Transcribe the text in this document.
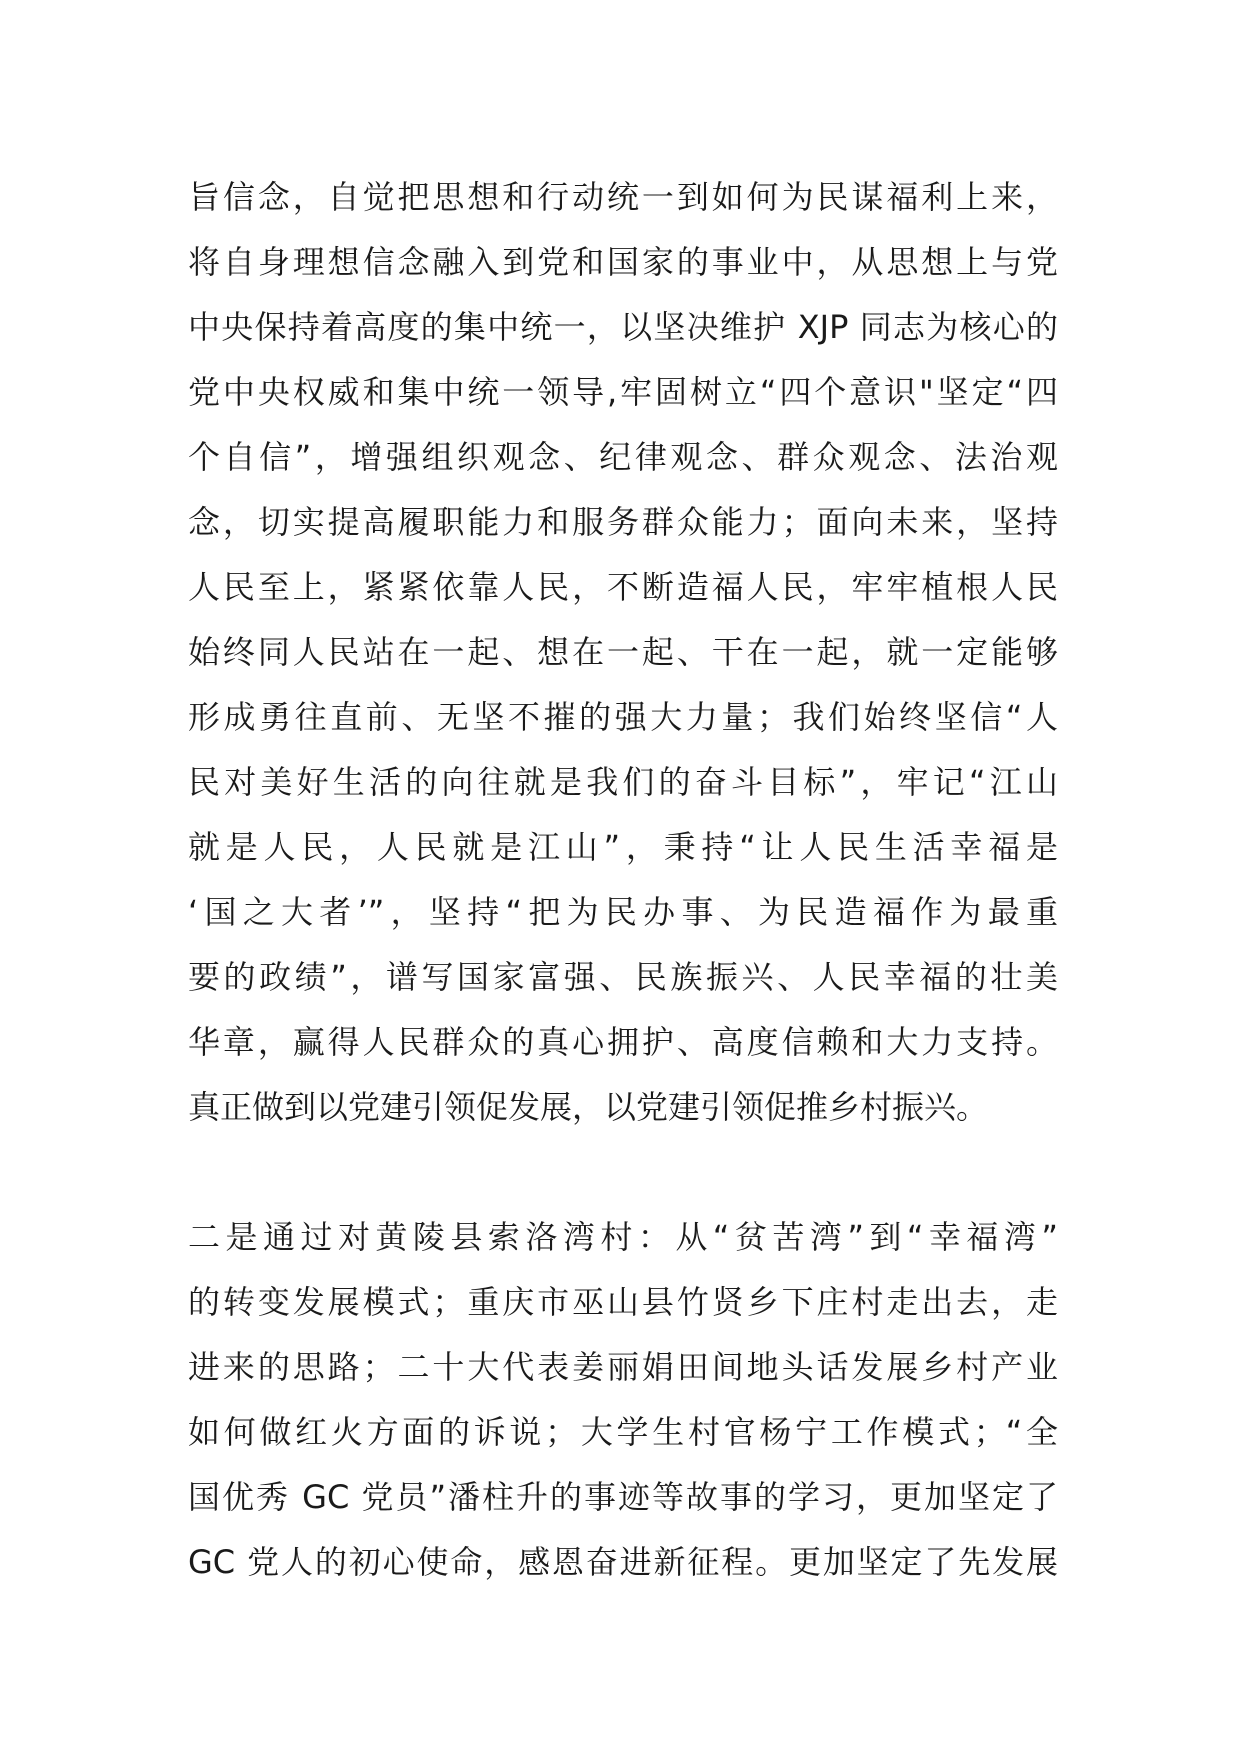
旨信念，自觉把思想和行动统一到如何为民谋福利上来，
将自身理想信念融入到党和国家的事业中，从思想上与党
中央保持着高度的集中统一，以坚决维护 XJP 同志为核心的
党中央权威和集中统一领导,牢固树立“四个意识"坚定“四
个自信”，增强组织观念、纪律观念、群众观念、法治观
念，切实提高履职能力和服务群众能力；面向未来，坚持
人民至上，紧紧依靠人民，不断造福人民，牢牢植根人民
始终同人民站在一起、想在一起、干在一起，就一定能够
形成勇往直前、无坚不摧的强大力量；我们始终坚信“人
民对美好生活的向往就是我们的奋斗目标”，牢记“江山
就是人民，人民就是江山”，秉持“让人民生活幸福是
‘国之大者’”，坚持“把为民办事、为民造福作为最重
要的政绩”，谱写国家富强、民族振兴、人民幸福的壮美
华章，赢得人民群众的真心拥护、高度信赖和大力支持。
真正做到以党建引领促发展，以党建引领促推乡村振兴。
二是通过对黄陵县索洛湾村：从“贫苦湾”到“幸福湾”
的转变发展模式；重庆市巫山县竹贤乡下庄村走出去，走
进来的思路；二十大代表姜丽娟田间地头话发展乡村产业
如何做红火方面的诉说；大学生村官杨宁工作模式；“全
国优秀 GC 党员”潘柱升的事迹等故事的学习，更加坚定了
GC 党人的初心使命，感恩奋进新征程。更加坚定了先发展
